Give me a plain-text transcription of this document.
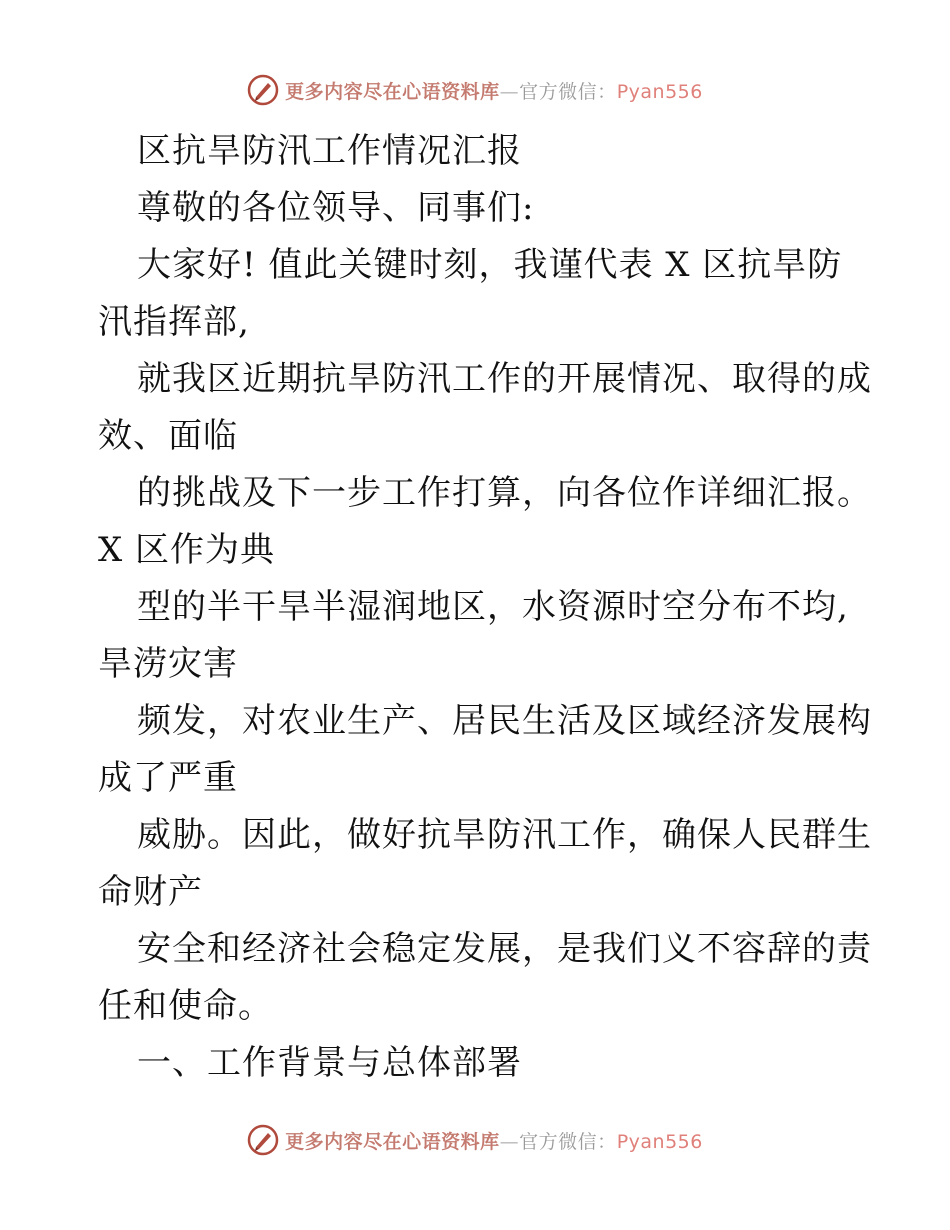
更多内容尽在心语资料库—官方微信：Pyan556
区抗旱防汛工作情况汇报
尊敬的各位领导、同事们:
大家好! 值此关键时刻，我谨代表 X 区抗旱防
汛指挥部,
就我区近期抗旱防汛工作的开展情况、取得的成
效、面临
的挑战及下一步工作打算，向各位作详细汇报。
X 区作为典
型的半干旱半湿润地区，水资源时空分布不均,
旱涝灾害
频发，对农业生产、居民生活及区域经济发展构
成了严重
威胁。因此，做好抗旱防汛工作，确保人民群生
命财产
安全和经济社会稳定发展，是我们义不容辞的责
任和使命。
一、工作背景与总体部署
更多内容尽在心语资料库—官方微信：Pyan556
